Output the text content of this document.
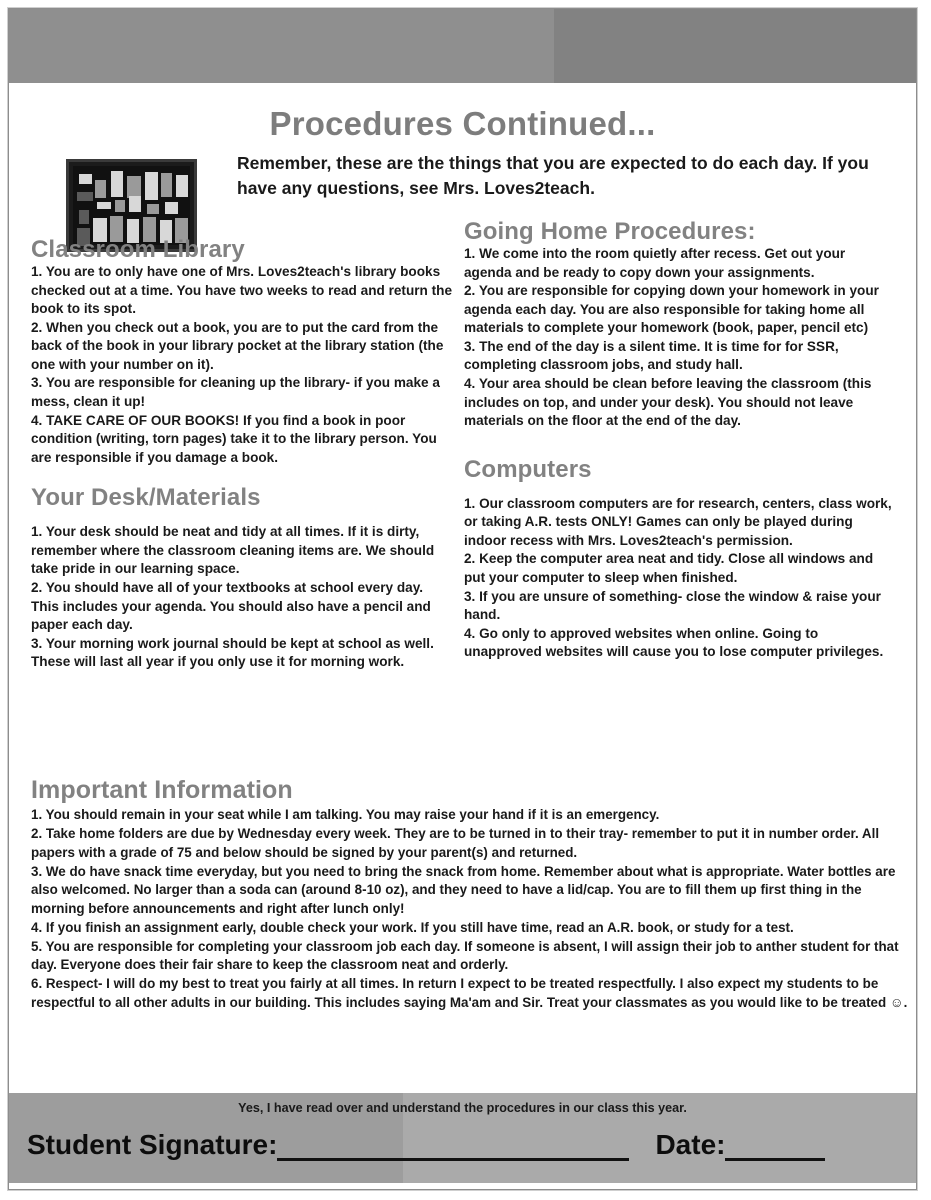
Procedures Continued...
Remember, these are the things that you are expected to do each day. If you have any questions, see Mrs. Loves2teach.
Classroom Library

1. You are to only have one of Mrs. Loves2teach's library books checked out at a time. You have two weeks to read and return the book to its spot.

2. When you check out a book, you are to put the card from the back of the book in your library pocket at the library station (the one with your number on it).

3. You are responsible for cleaning up the library- if you make a mess, clean it up!

4. TAKE CARE OF OUR BOOKS! If you find a book in poor condition (writing, torn pages) take it to the library person. You are responsible if you damage a book.

Your Desk/Materials

1. Your desk should be neat and tidy at all times. If it is dirty, remember where the classroom cleaning items are. We should take pride in our learning space.

2. You should have all of your textbooks at school every day. This includes your agenda. You should also have a pencil and paper each day.

3. Your morning work journal should be kept at school as well. These will last all year if you only use it for morning work.

Going Home Procedures:

1. We come into the room quietly after recess. Get out your agenda and be ready to copy down your assignments.

2. You are responsible for copying down your homework in your agenda each day. You are also responsible for taking home all materials to complete your homework (book, paper, pencil etc)

3. The end of the day is a silent time. It is time for for SSR, completing classroom jobs, and study hall.

4. Your area should be clean before leaving the classroom (this includes on top, and under your desk). You should not leave materials on the floor at the end of the day.

Computers

1. Our classroom computers are for research, centers, class work, or taking A.R. tests ONLY! Games can only be played during indoor recess with Mrs. Loves2teach's permission.

2. Keep the computer area neat and tidy. Close all windows and put your computer to sleep when finished.

3. If you are unsure of something- close the window & raise your hand.

4. Go only to approved websites when online. Going to unapproved websites will cause you to lose computer privileges.

Important Information

1. You should remain in your seat while I am talking. You may raise your hand if it is an emergency.

2. Take home folders are due by Wednesday every week. They are to be turned in to their tray- remember to put it in number order. All papers with a grade of 75 and below should be signed by your parent(s) and returned.

3. We do have snack time everyday, but you need to bring the snack from home. Remember about what is appropriate. Water bottles are also welcomed. No larger than a soda can (around 8-10 oz), and they need to have a lid/cap. You are to fill them up first thing in the morning before announcements and right after lunch only!

4. If you finish an assignment early, double check your work. If you still have time, read an A.R. book, or study for a test.

5. You are responsible for completing your classroom job each day. If someone is absent, I will assign their job to anther student for that day. Everyone does their fair share to keep the classroom neat and orderly.

6. Respect- I will do my best to treat you fairly at all times. In return I expect to be treated respectfully. I also expect my students to be respectful to all other adults in our building. This includes saying Ma'am and Sir. Treat your classmates as you would like to be treated ☺.

Yes, I have read over and understand the procedures in our class this year.
Student Signature:	Date:
